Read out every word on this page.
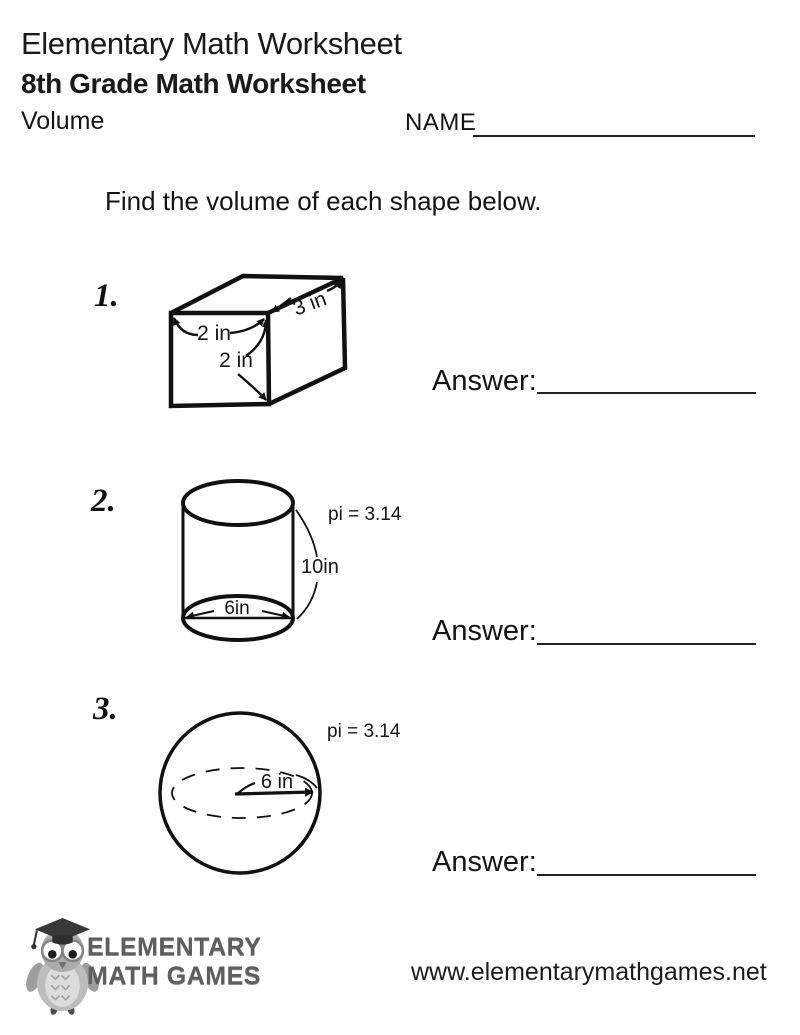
Elementary Math Worksheet
8th Grade Math Worksheet
Volume	NAME
Find the volume of each shape below.
1.
2 in
2 in
3 in
Answer:
2.	pi = 3.14
10in
6in
Answer:
3.
pi = 3.14
6 in
Answer:
ELEMENTARY
MATH GAMES	www.elementarymathgames.net
